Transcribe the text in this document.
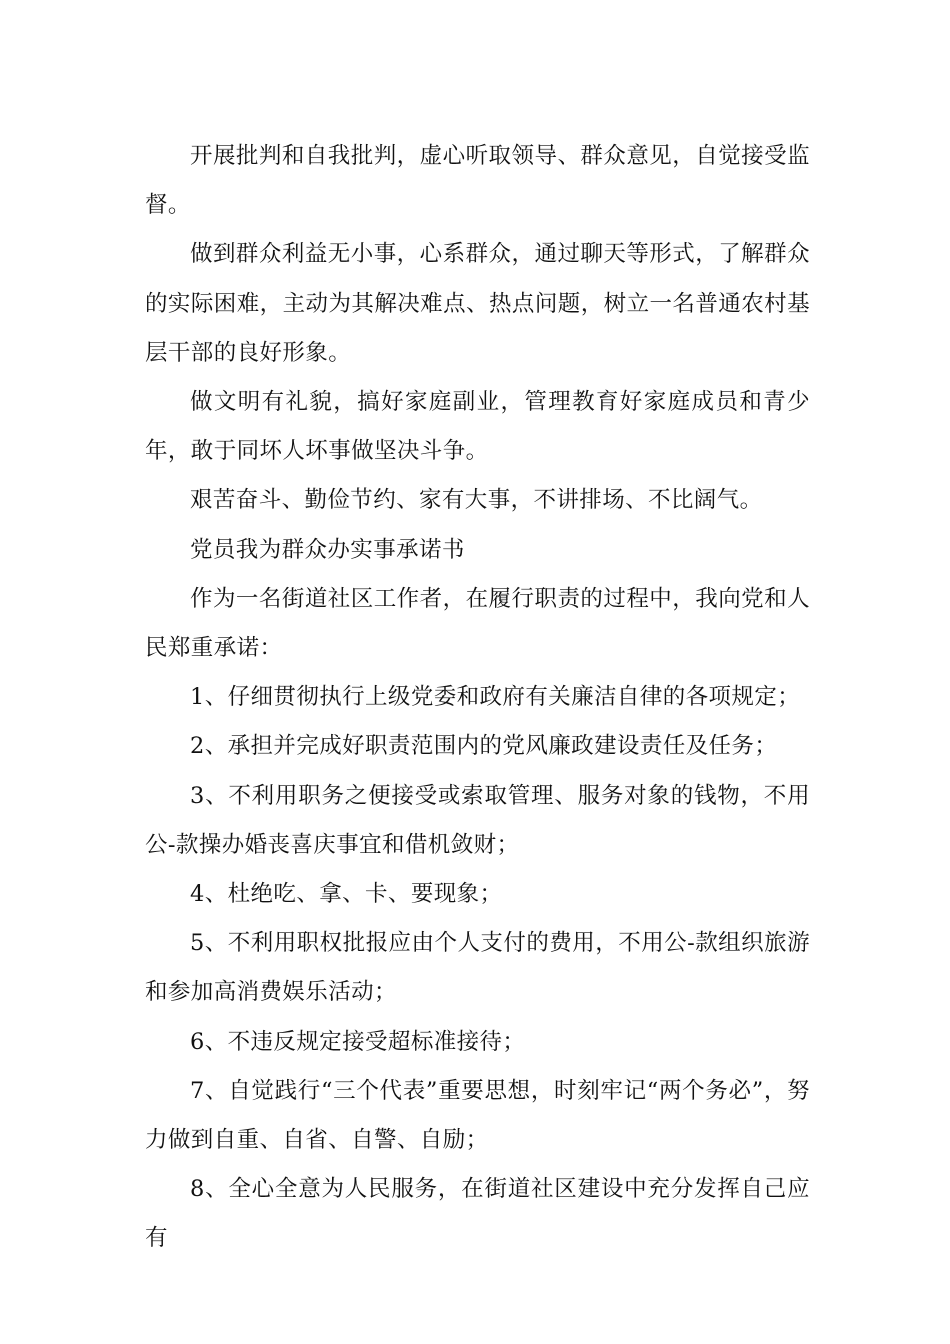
开展批判和自我批判，虚心听取领导、群众意见，自觉接受监督。

做到群众利益无小事，心系群众，通过聊天等形式，了解群众的实际困难，主动为其解决难点、热点问题，树立一名普通农村基层干部的良好形象。

做文明有礼貌，搞好家庭副业，管理教育好家庭成员和青少年，敢于同坏人坏事做坚决斗争。

艰苦奋斗、勤俭节约、家有大事，不讲排场、不比阔气。

党员我为群众办实事承诺书

作为一名街道社区工作者，在履行职责的过程中，我向党和人民郑重承诺：

1、仔细贯彻执行上级党委和政府有关廉洁自律的各项规定；

2、承担并完成好职责范围内的党风廉政建设责任及任务；

3、不利用职务之便接受或索取管理、服务对象的钱物，不用公-款操办婚丧喜庆事宜和借机敛财；

4、杜绝吃、拿、卡、要现象；

5、不利用职权批报应由个人支付的费用，不用公-款组织旅游和参加高消费娱乐活动；

6、不违反规定接受超标准接待；

7、自觉践行“三个代表”重要思想，时刻牢记“两个务必”，努力做到自重、自省、自警、自励；

8、全心全意为人民服务，在街道社区建设中充分发挥自己应有
